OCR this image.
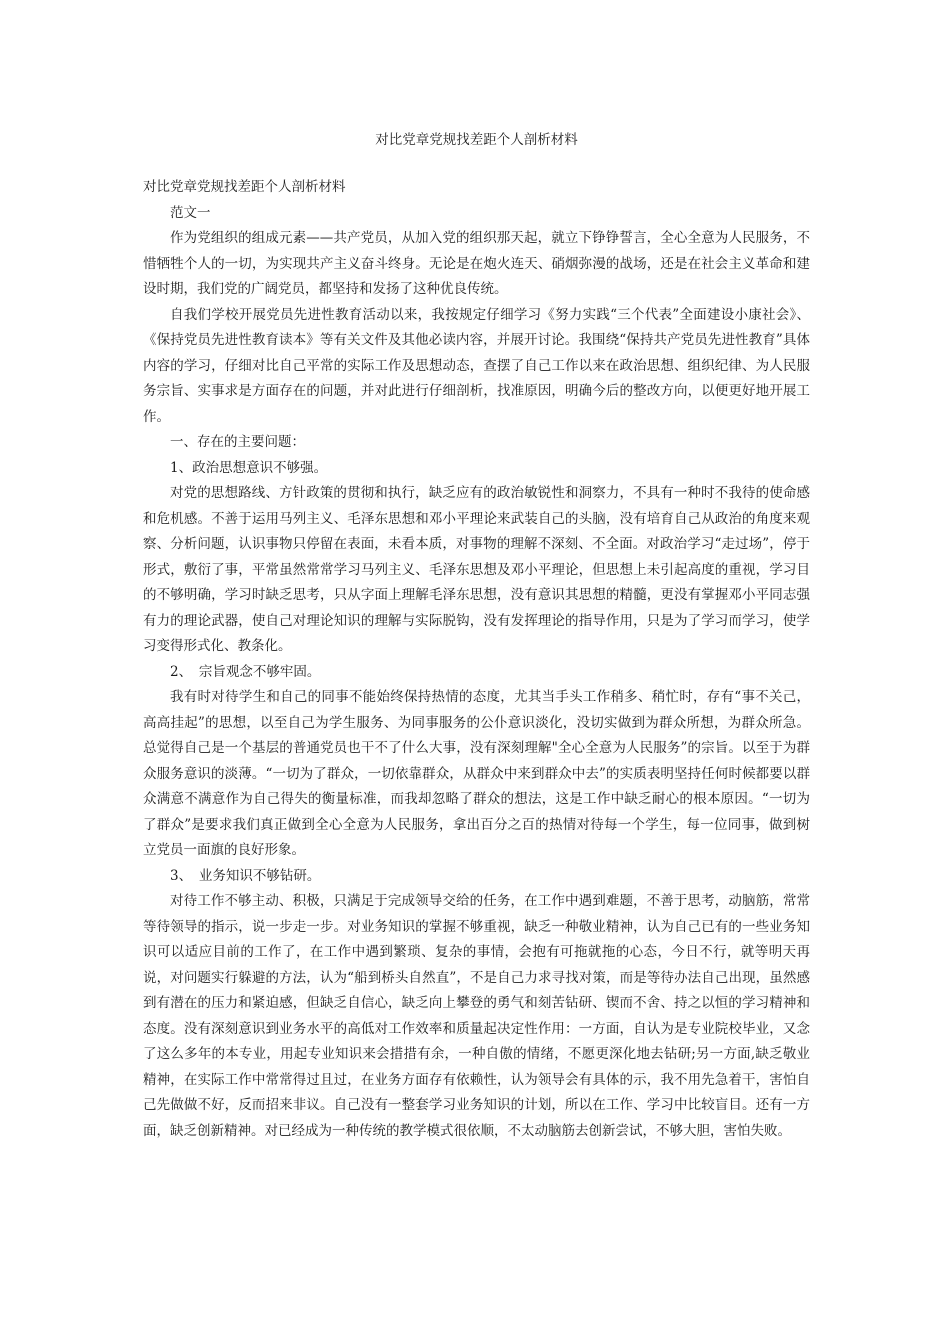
对比党章党规找差距个人剖析材料

对比党章党规找差距个人剖析材料

范文一

作为党组织的组成元素——共产党员，从加入党的组织那天起，就立下铮铮誓言，全心全意为人民服务，不惜牺牲个人的一切，为实现共产主义奋斗终身。无论是在炮火连天、硝烟弥漫的战场，还是在社会主义革命和建设时期，我们党的广阔党员，都坚持和发扬了这种优良传统。

自我们学校开展党员先进性教育活动以来，我按规定仔细学习《努力实践“三个代表”全面建设小康社会》、《保持党员先进性教育读本》等有关文件及其他必读内容，并展开讨论。我围绕“保持共产党员先进性教育”具体内容的学习，仔细对比自己平常的实际工作及思想动态，查摆了自己工作以来在政治思想、组织纪律、为人民服务宗旨、实事求是方面存在的问题，并对此进行仔细剖析，找准原因，明确今后的整改方向，以便更好地开展工作。

一、存在的主要问题：

1、政治思想意识不够强。

对党的思想路线、方针政策的贯彻和执行，缺乏应有的政治敏锐性和洞察力，不具有一种时不我待的使命感和危机感。不善于运用马列主义、毛泽东思想和邓小平理论来武装自己的头脑，没有培育自己从政治的角度来观察、分析问题，认识事物只停留在表面，未看本质，对事物的理解不深刻、不全面。对政治学习“走过场”，停于形式，敷衍了事，平常虽然常常学习马列主义、毛泽东思想及邓小平理论，但思想上未引起高度的重视，学习目的不够明确，学习时缺乏思考，只从字面上理解毛泽东思想，没有意识其思想的精髓，更没有掌握邓小平同志强有力的理论武器，使自己对理论知识的理解与实际脱钩，没有发挥理论的指导作用，只是为了学习而学习，使学习变得形式化、教条化。

2、　宗旨观念不够牢固。

我有时对待学生和自己的同事不能始终保持热情的态度，尤其当手头工作稍多、稍忙时，存有“事不关己，高高挂起”的思想，以至自己为学生服务、为同事服务的公仆意识淡化，没切实做到为群众所想，为群众所急。总觉得自己是一个基层的普通党员也干不了什么大事，没有深刻理解"全心全意为人民服务”的宗旨。以至于为群众服务意识的淡薄。“一切为了群众，一切依靠群众，从群众中来到群众中去”的实质表明坚持任何时候都要以群众满意不满意作为自己得失的衡量标准，而我却忽略了群众的想法，这是工作中缺乏耐心的根本原因。“一切为了群众”是要求我们真正做到全心全意为人民服务，拿出百分之百的热情对待每一个学生，每一位同事，做到树立党员一面旗的良好形象。

3、　业务知识不够钻研。

对待工作不够主动、积极，只满足于完成领导交给的任务，在工作中遇到难题，不善于思考，动脑筋，常常等待领导的指示，说一步走一步。对业务知识的掌握不够重视，缺乏一种敬业精神，认为自己已有的一些业务知识可以适应目前的工作了，在工作中遇到繁琐、复杂的事情，会抱有可拖就拖的心态，今日不行，就等明天再说，对问题实行躲避的方法，认为“船到桥头自然直”，不是自己力求寻找对策，而是等待办法自己出现，虽然感到有潜在的压力和紧迫感，但缺乏自信心，缺乏向上攀登的勇气和刻苦钻研、锲而不舍、持之以恒的学习精神和态度。没有深刻意识到业务水平的高低对工作效率和质量起决定性作用：一方面，自认为是专业院校毕业，又念了这么多年的本专业，用起专业知识来会措措有余，一种自傲的情绪，不愿更深化地去钻研;另一方面,缺乏敬业精神，在实际工作中常常得过且过，在业务方面存有依赖性，认为领导会有具体的示，我不用先急着干，害怕自己先做做不好，反而招来非议。自己没有一整套学习业务知识的计划，所以在工作、学习中比较盲目。还有一方面，缺乏创新精神。对已经成为一种传统的教学模式很依顺，不太动脑筋去创新尝试，不够大胆，害怕失败。
